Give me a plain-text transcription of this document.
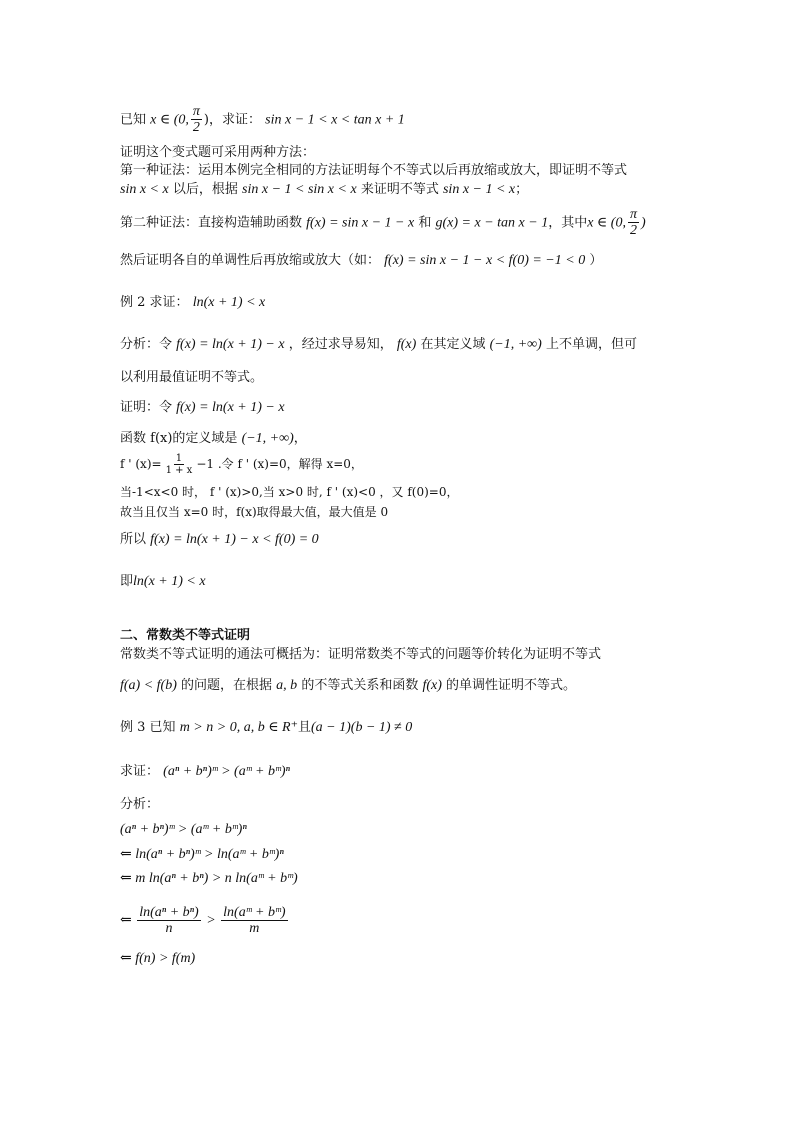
已知 x ∈ (0, $\frac{\pi}{2}$ )，求证： sin x − 1 < x < tan x + 1
证明这个变式题可采用两种方法：
第一种证法：运用本例完全相同的方法证明每个不等式以后再放缩或放大，即证明不等式
sin x < x 以后，根据 sin x − 1 < sin x < x 来证明不等式 sin x − 1 < x；
第二种证法：直接构造辅助函数 f(x) = sin x − 1 − x 和 g(x) = x − tan x − 1，其中x ∈ (0, $\frac{\pi}{2}$ )
然后证明各自的单调性后再放缩或放大（如： f(x) = sin x − 1 − x < f(0) = −1 < 0 ）
例 2 求证： ln(x + 1) < x
分析：令 f(x) = ln(x + 1) − x ，经过求导易知， f(x) 在其定义域 (−1, +∞) 上不单调，但可
以利用最值证明不等式。
证明：令 f(x) = ln(x + 1) − x
函数 f(x)的定义域是 (−1, +∞)，
f ' $(x)= \frac{1}{1 + x} -1$ .令 f ' (x)=0，解得 x=0，
当-1<x<0 时， f ' (x)>0,当 x>0 时, f ' (x)<0 ，又 f(0)=0，
故当且仅当 x=0 时，f(x)取得最大值，最大值是 0
所以 f(x) = ln(x + 1) − x < f(0) = 0
即ln(x + 1) < x
二、常数类不等式证明
常数类不等式证明的通法可概括为：证明常数类不等式的问题等价转化为证明不等式
f(a) < f(b) 的问题，在根据 a, b 的不等式关系和函数 f(x) 的单调性证明不等式。
例 3 已知 m > n > 0, a, b ∈ R⁺且(a − 1)(b − 1) ≠ 0
求证： (aⁿ + bⁿ)ᵐ > (aᵐ + bᵐ)ⁿ
分析：
(aⁿ + bⁿ)ᵐ > (aᵐ + bᵐ)ⁿ
⇐ ln(aⁿ + bⁿ)ᵐ > ln(aᵐ + bᵐ)ⁿ
⇐ m ln(aⁿ + bⁿ) > n ln(aᵐ + bᵐ)
⇐ $\frac{\text{ln(aⁿ + bⁿ)}}{n} > \frac{\text{ln(aᵐ + bᵐ)}}{m}$
⇐ f(n) > f(m)
